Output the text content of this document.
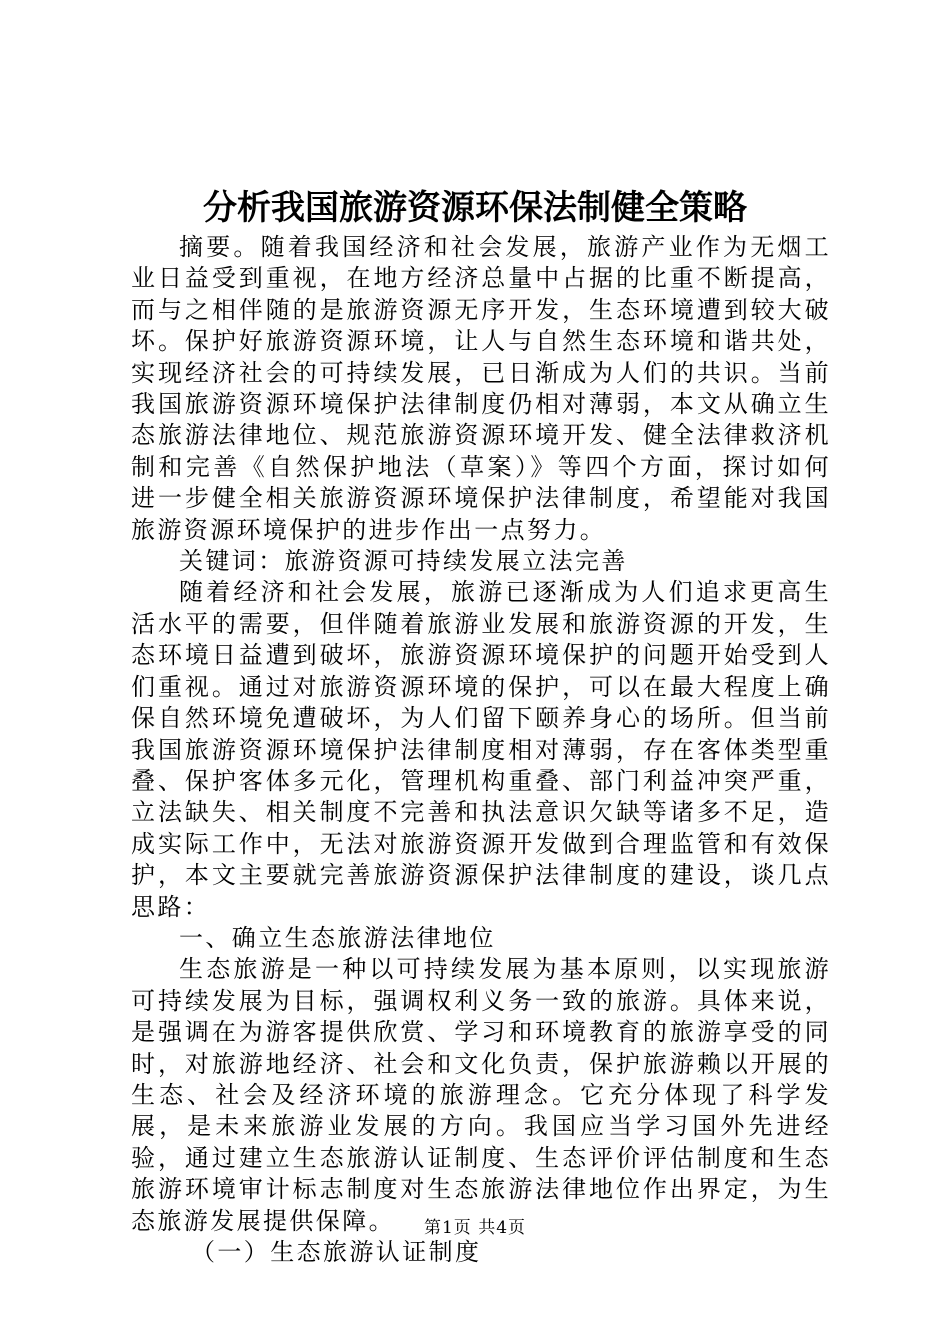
分析我国旅游资源环保法制健全策略

摘要。随着我国经济和社会发展，旅游产业作为无烟工业日益受到重视，在地方经济总量中占据的比重不断提高，而与之相伴随的是旅游资源无序开发，生态环境遭到较大破坏。保护好旅游资源环境，让人与自然生态环境和谐共处，实现经济社会的可持续发展，已日渐成为人们的共识。当前我国旅游资源环境保护法律制度仍相对薄弱，本文从确立生态旅游法律地位、规范旅游资源环境开发、健全法律救济机制和完善《自然保护地法（草案）》等四个方面，探讨如何进一步健全相关旅游资源环境保护法律制度，希望能对我国旅游资源环境保护的进步作出一点努力。

关键词：旅游资源可持续发展立法完善

随着经济和社会发展，旅游已逐渐成为人们追求更高生活水平的需要，但伴随着旅游业发展和旅游资源的开发，生态环境日益遭到破坏，旅游资源环境保护的问题开始受到人们重视。通过对旅游资源环境的保护，可以在最大程度上确保自然环境免遭破坏，为人们留下颐养身心的场所。但当前我国旅游资源环境保护法律制度相对薄弱，存在客体类型重叠、保护客体多元化，管理机构重叠、部门利益冲突严重，立法缺失、相关制度不完善和执法意识欠缺等诸多不足，造成实际工作中，无法对旅游资源开发做到合理监管和有效保护，本文主要就完善旅游资源保护法律制度的建设，谈几点思路：

一、确立生态旅游法律地位

生态旅游是一种以可持续发展为基本原则，以实现旅游可持续发展为目标，强调权利义务一致的旅游。具体来说，是强调在为游客提供欣赏、学习和环境教育的旅游享受的同时，对旅游地经济、社会和文化负责，保护旅游赖以开展的生态、社会及经济环境的旅游理念。它充分体现了科学发展，是未来旅游业发展的方向。我国应当学习国外先进经验，通过建立生态旅游认证制度、生态评价评估制度和生态旅游环境审计标志制度对生态旅游法律地位作出界定，为生态旅游发展提供保障。

（一）生态旅游认证制度

第1页 共4页
